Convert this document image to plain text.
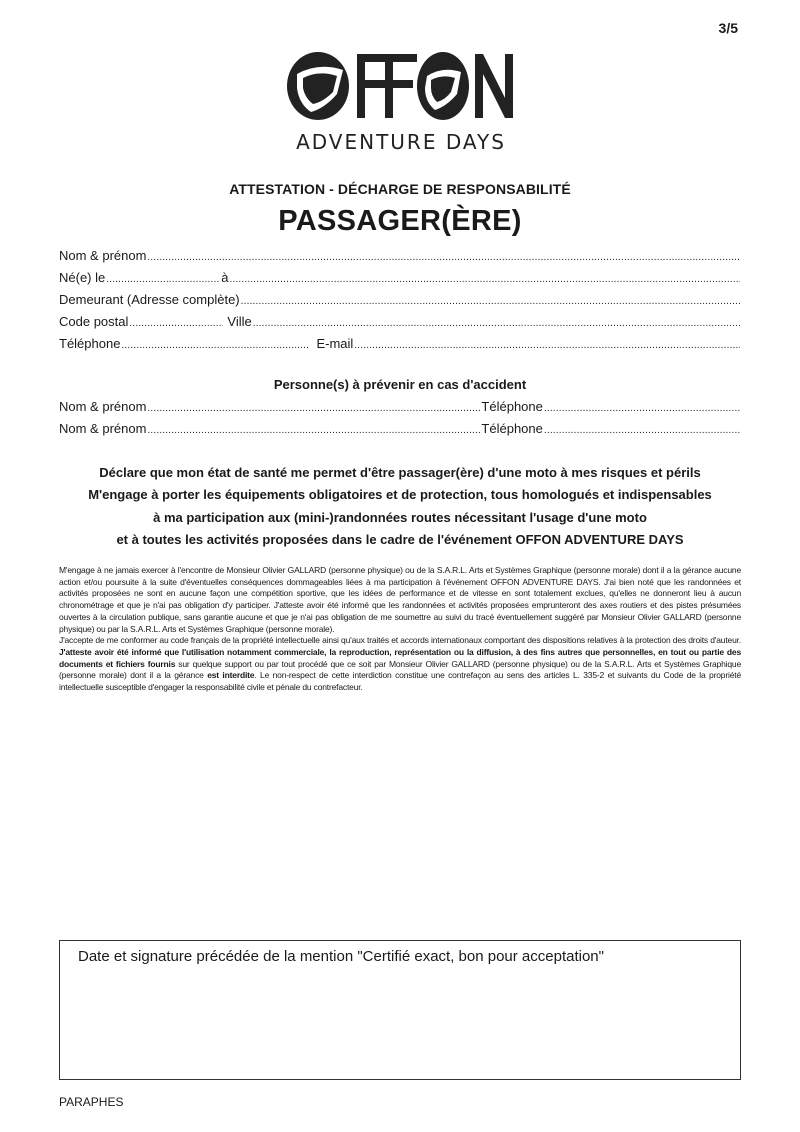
3/5
ADVENTURE DAYS
ATTESTATION - DÉCHARGE DE RESPONSABILITÉ
PASSAGER(ÈRE)
Nom & prénom
.....
Né(e) le .....	à
.....
Demeurant (Adresse complète)
.....
Code postal .....	Ville
.....
Téléphone .....	E-mail
.....
Personne(s) à prévenir en cas d'accident
Nom & prénom .....	Téléphone
.....
Nom & prénom .....	Téléphone
.....
Déclare que mon état de santé me permet d'être passager(ère) d'une moto à mes risques et périls
M'engage à porter les équipements obligatoires et de protection, tous homologués et indispensables
à ma participation aux (mini-)randonnées routes nécessitant l'usage d'une moto
et à toutes les activités proposées dans le cadre de l'événement OFFON ADVENTURE DAYS

M'engage à ne jamais exercer à l'encontre de Monsieur Olivier GALLARD (personne physique) ou de la S.A.R.L. Arts et Systèmes Graphique (personne morale) dont il a la gérance aucune action et/ou poursuite à la suite d'éventuelles conséquences dommageables liées à ma participation à l'événement OFFON ADVENTURE DAYS. J'ai bien noté que les randonnées et activités proposées ne sont en aucune façon une compétition sportive, que les idées de performance et de vitesse en sont totalement exclues, qu'elles ne donneront lieu à aucun chronométrage et que je n'ai pas obligation d'y participer. J'atteste avoir été informé que les randonnées et activités proposées emprunteront des axes routiers et des pistes présumées ouvertes à la circulation publique, sans garantie aucune et que je n'ai pas obligation de me soumettre au suivi du tracé éventuellement suggéré par Monsieur Olivier GALLARD (personne physique) ou par la S.A.R.L. Arts et Systèmes Graphique (personne morale).

J'accepte de me conformer au code français de la propriété intellectuelle ainsi qu'aux traités et accords internationaux comportant des dispositions relatives à la protection des droits d'auteur. J'atteste avoir été informé que l'utilisation notamment commerciale, la reproduction, représentation ou la diffusion, à des fins autres que personnelles, en tout ou partie des documents et fichiers fournis sur quelque support ou par tout procédé que ce soit par Monsieur Olivier GALLARD (personne physique) ou de la S.A.R.L. Arts et Systèmes Graphique (personne morale) dont il a la gérance est interdite. Le non-respect de cette interdiction constitue une contrefaçon au sens des articles L. 335-2 et suivants du Code de la propriété intellectuelle susceptible d'engager la responsabilité civile et pénale du contrefacteur.

Date et signature précédée de la mention "Certifié exact, bon pour acceptation"
PARAPHES
